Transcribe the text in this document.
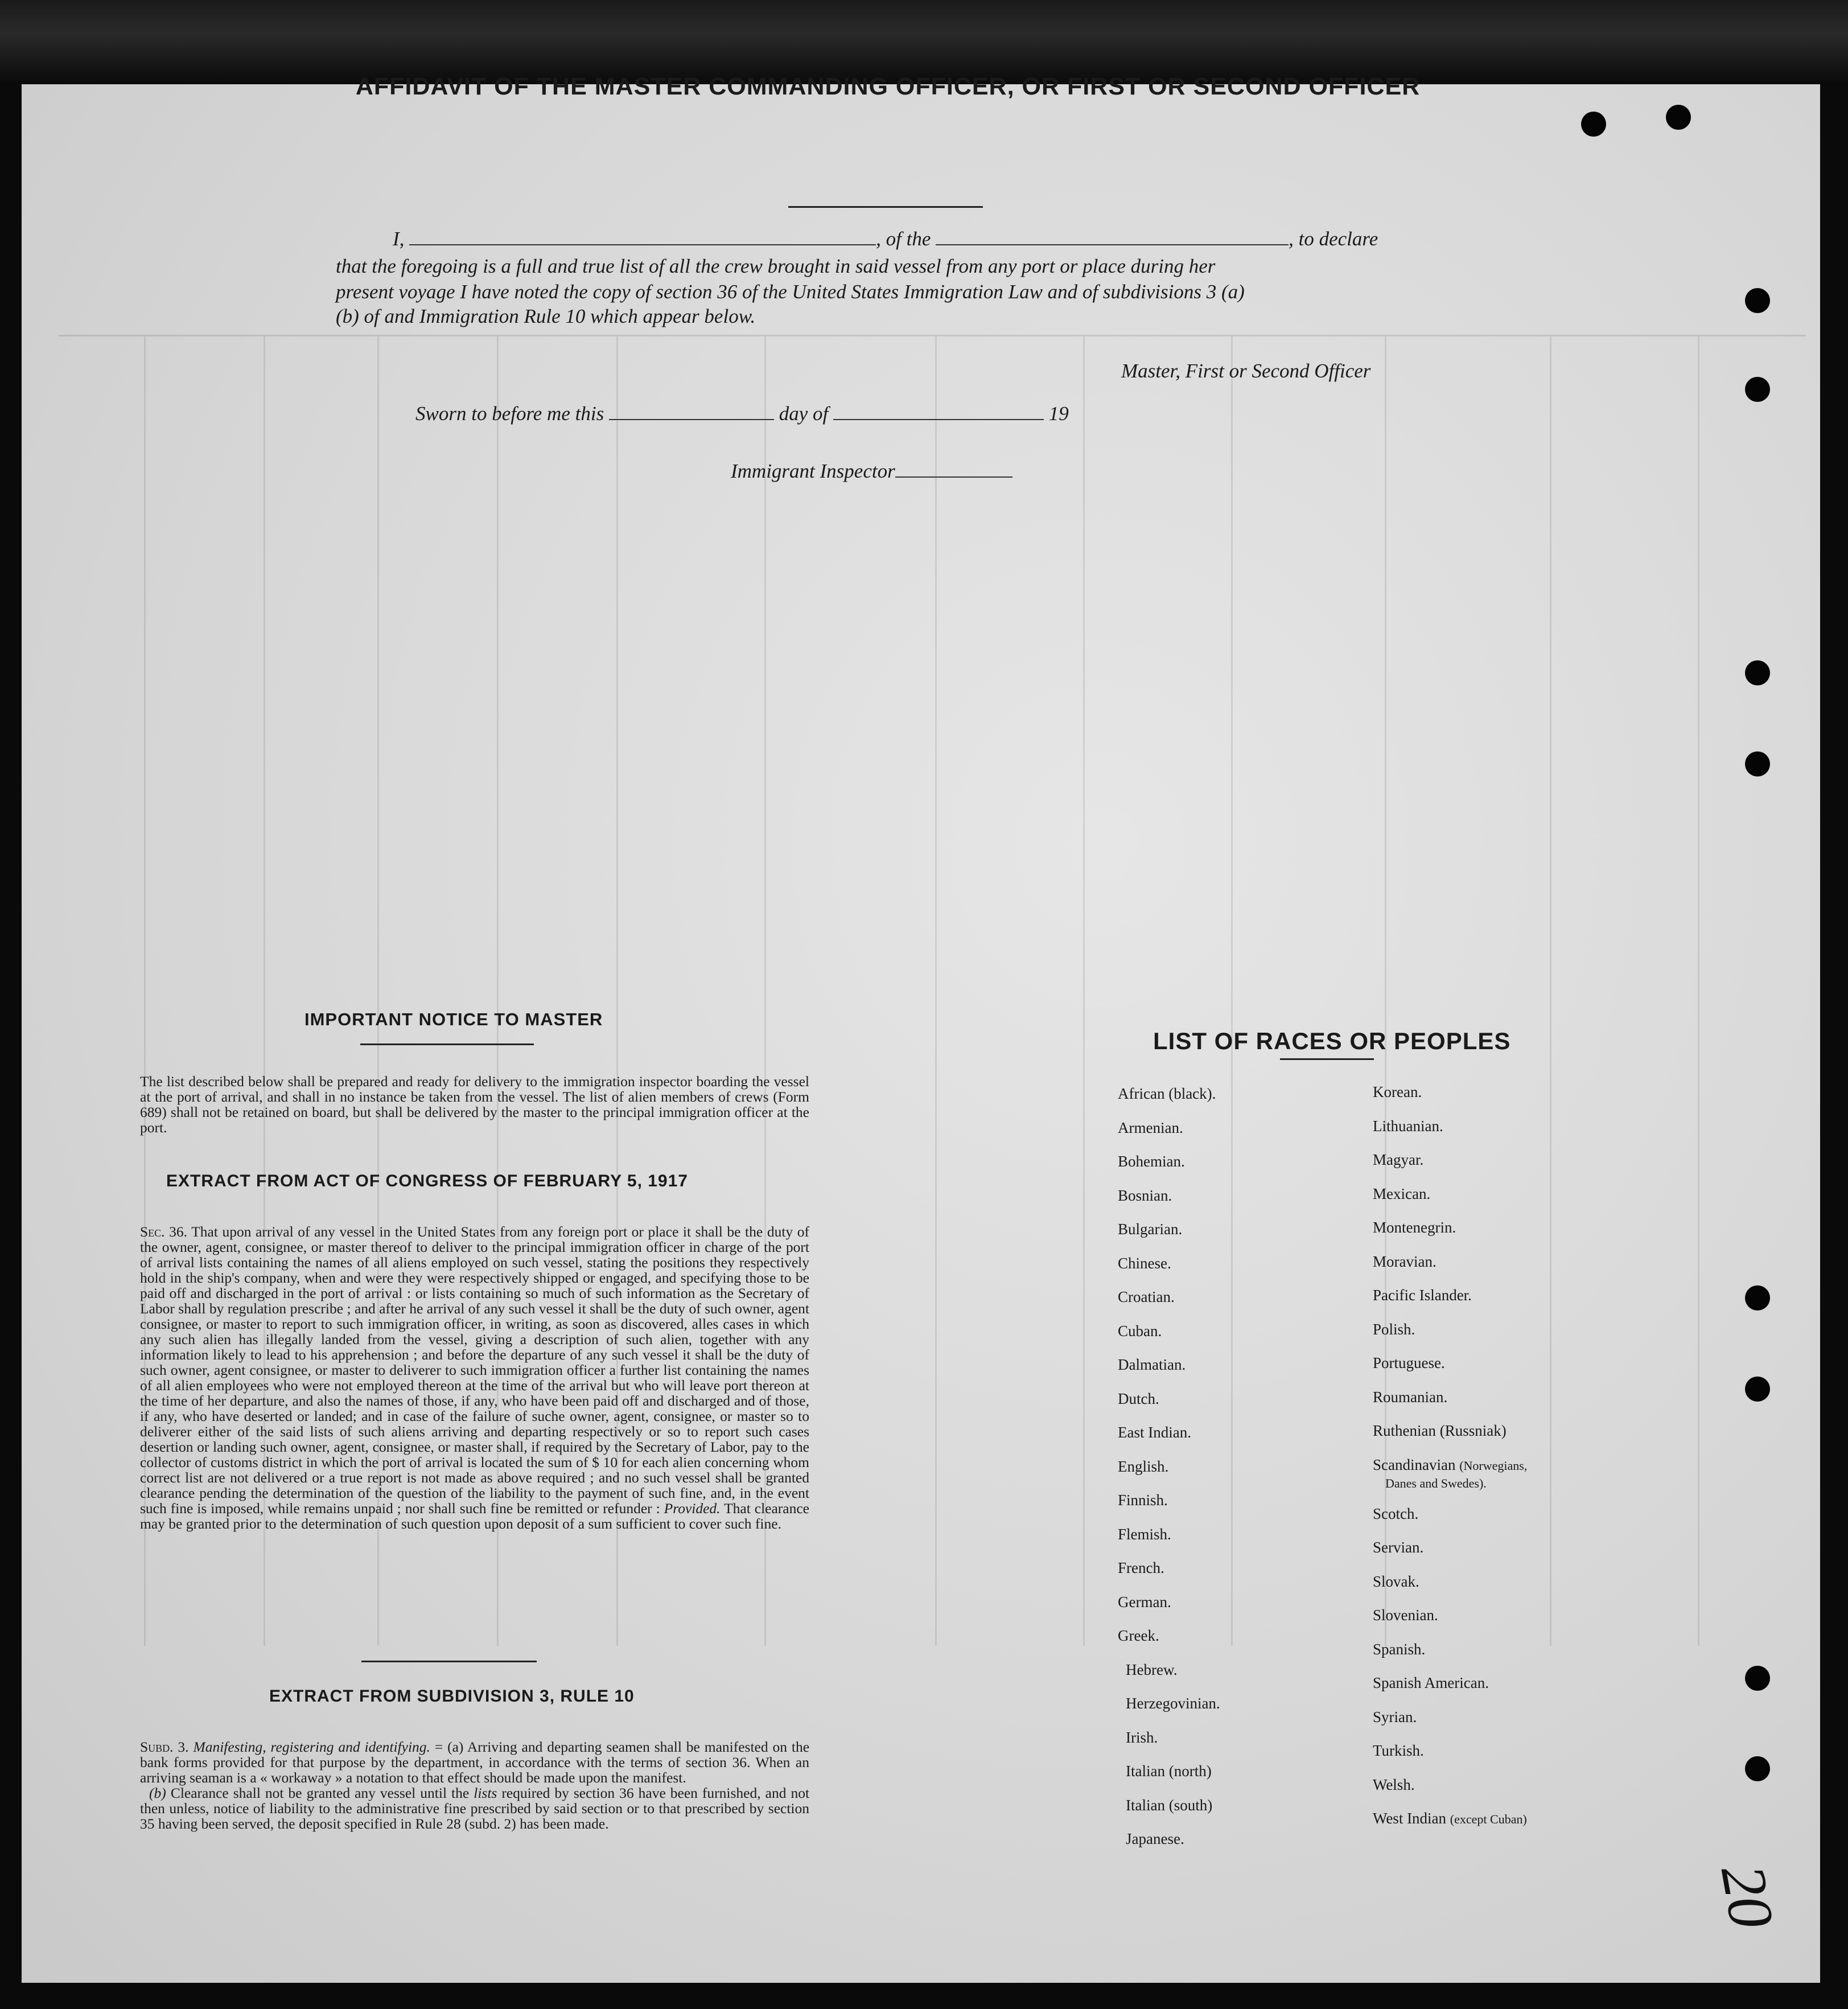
AFFIDAVIT OF THE MASTER COMMANDING OFFICER, OR FIRST OR SECOND OFFICER
I,	, of the	, to declare
that the foregoing is a full and true list of all the crew brought in said vessel from any port or place during her
present voyage I have noted the copy of section 36 of the United States Immigration Law and of subdivisions 3 (a)
(b) of and Immigration Rule 10 which appear below.
Master, First or Second Officer
Sworn to before me this	day of	19
Immigrant Inspector
IMPORTANT NOTICE TO MASTER
The list described below shall be prepared and ready for delivery to the immigration inspector boarding the vessel at the port of arrival, and shall in no instance be taken from the vessel. The list of alien members of crews (Form 689) shall not be retained on board, but shall be delivered by the master to the principal immigration officer at the port.
EXTRACT FROM ACT OF CONGRESS OF FEBRUARY 5, 1917
Sec. 36. That upon arrival of any vessel in the United States from any foreign port or place it shall be the duty of the owner, agent, consignee, or master thereof to deliver to the principal immigration officer in charge of the port of arrival lists containing the names of all aliens employed on such vessel, stating the positions they respectively hold in the ship's company, when and were they were respectively shipped or engaged, and specifying those to be paid off and discharged in the port of arrival : or lists containing so much of such information as the Secretary of Labor shall by regulation prescribe ; and after he arrival of any such vessel it shall be the duty of such owner, agent consignee, or master to report to such immigration officer, in writing, as soon as discovered, alles cases in which any such alien has illegally landed from the vessel, giving a description of such alien, together with any information likely to lead to his apprehension ; and before the departure of any such vessel it shall be the duty of such owner, agent consignee, or master to deliverer to such immigration officer a further list containing the names of all alien employees who were not employed thereon at the time of the arrival but who will leave port thereon at the time of her departure, and also the names of those, if any, who have been paid off and discharged and of those, if any, who have deserted or landed; and in case of the failure of suche owner, agent, consignee, or master so to deliverer either of the said lists of such aliens arriving and departing respectively or so to report such cases desertion or landing such owner, agent, consignee, or master shall, if required by the Secretary of Labor, pay to the collector of customs district in which the port of arrival is located the sum of $ 10 for each alien concerning whom correct list are not delivered or a true report is not made as above required ; and no such vessel shall be granted clearance pending the determination of the question of the liability to the payment of such fine, and, in the event such fine is imposed, while remains unpaid ; nor shall such fine be remitted or refunder : Provided. That clearance may be granted prior to the determination of such question upon deposit of a sum sufficient to cover such fine.
EXTRACT FROM SUBDIVISION 3, RULE 10
Subd. 3. Manifesting, registering and identifying. = (a) Arriving and departing seamen shall be manifested on the bank forms provided for that purpose by the department, in accordance with the terms of section 36. When an arriving seaman is a « workaway » a notation to that effect should be made upon the manifest.
(b) Clearance shall not be granted any vessel until the lists required by section 36 have been furnished, and not then unless, notice of liability to the administrative fine prescribed by said section or to that prescribed by section 35 having been served, the deposit specified in Rule 28 (subd. 2) has been made.
LIST OF RACES OR PEOPLES
African (black).
Armenian.
Bohemian.
Bosnian.
Bulgarian.
Chinese.
Croatian.
Cuban.
Dalmatian.
Dutch.
East Indian.
English.
Finnish.
Flemish.
French.
German.
Greek.
Hebrew.
Herzegovinian.
Irish.
Italian (north)
Italian (south)
Japanese.
Korean.
Lithuanian.
Magyar.
Mexican.
Montenegrin.
Moravian.
Pacific Islander.
Polish.
Portuguese.
Roumanian.
Ruthenian (Russniak)
Scandinavian (Norwegians,
Danes and Swedes).
Scotch.
Servian.
Slovak.
Slovenian.
Spanish.
Spanish American.
Syrian.
Turkish.
Welsh.
West Indian (except Cuban)
20
